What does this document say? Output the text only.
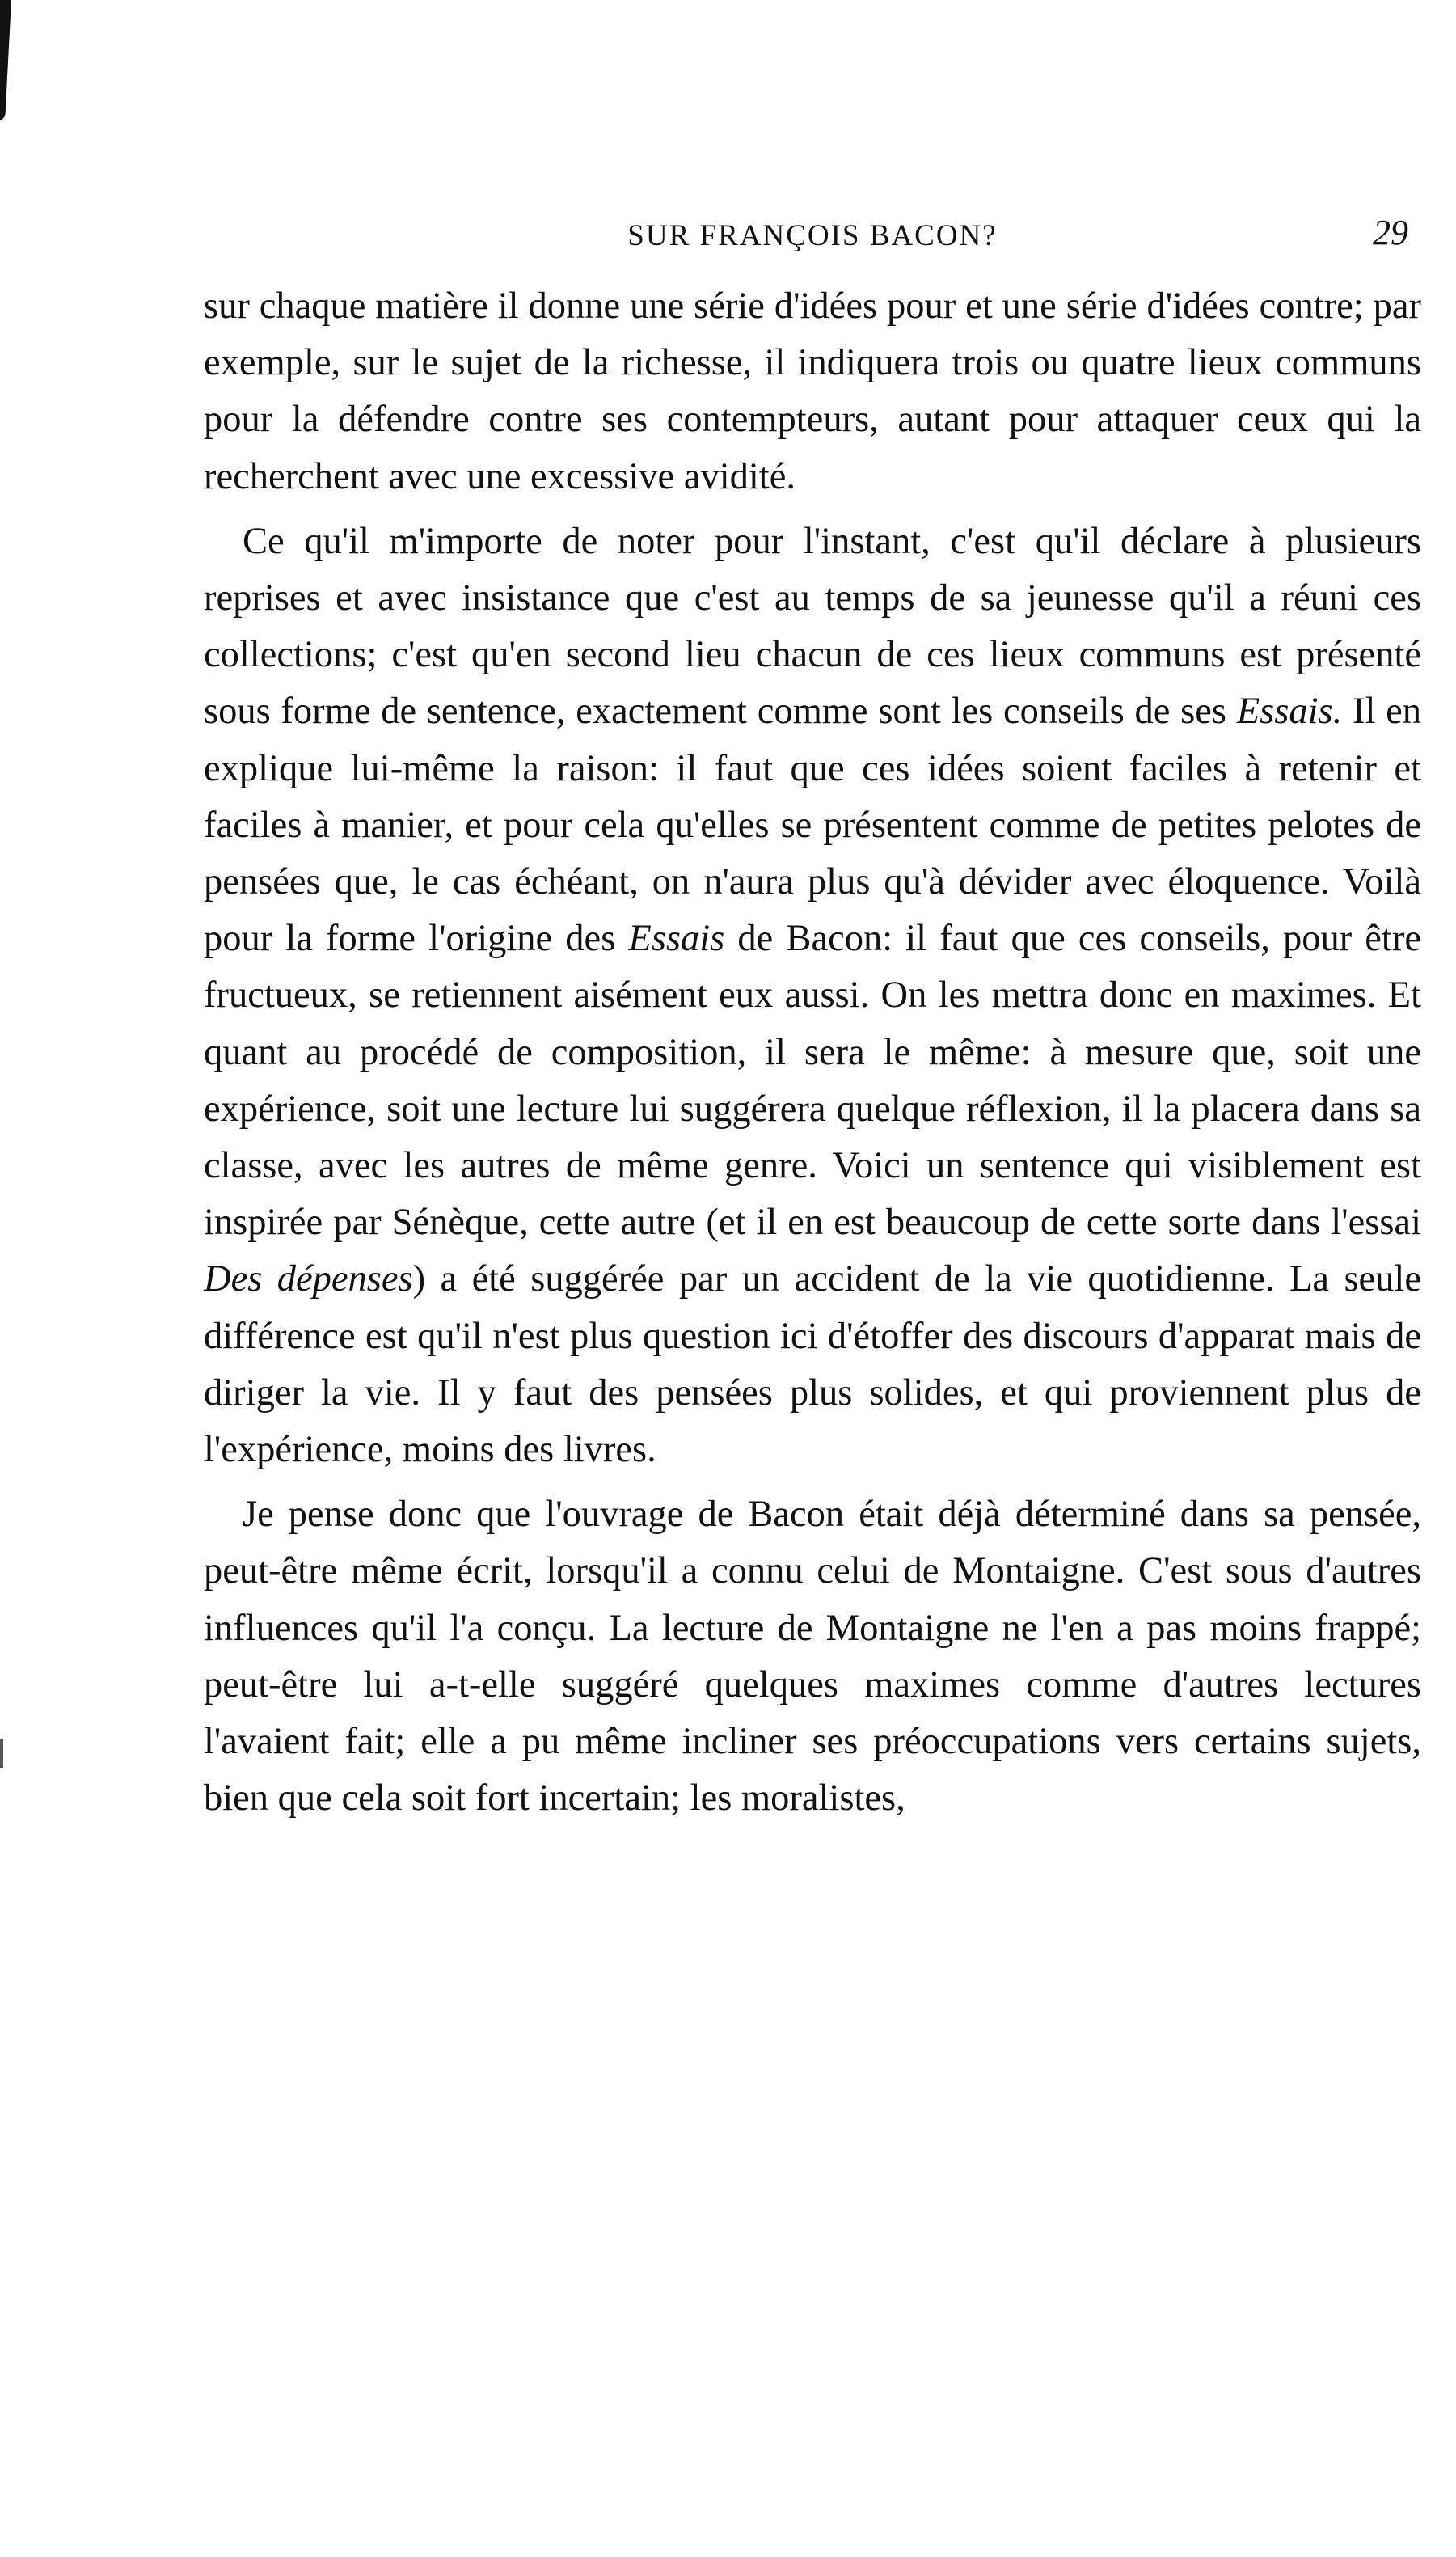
SUR FRANÇOIS BACON?	29

sur chaque matière il donne une série d'idées pour et une série d'idées contre; par exemple, sur le sujet de la richesse, il indiquera trois ou quatre lieux communs pour la défendre contre ses contempteurs, autant pour attaquer ceux qui la recherchent avec une excessive avidité.

Ce qu'il m'importe de noter pour l'instant, c'est qu'il déclare à plusieurs reprises et avec insistance que c'est au temps de sa jeunesse qu'il a réuni ces collections; c'est qu'en second lieu chacun de ces lieux communs est présenté sous forme de sentence, exactement comme sont les conseils de ses Essais. Il en explique lui-même la raison: il faut que ces idées soient faciles à retenir et faciles à manier, et pour cela qu'elles se présentent comme de petites pelotes de pensées que, le cas échéant, on n'aura plus qu'à dévider avec éloquence. Voilà pour la forme l'origine des Essais de Bacon: il faut que ces conseils, pour être fructueux, se retiennent aisément eux aussi. On les mettra donc en maximes. Et quant au procédé de composition, il sera le même: à mesure que, soit une expérience, soit une lecture lui suggérera quelque réflexion, il la placera dans sa classe, avec les autres de même genre. Voici un sentence qui visiblement est inspirée par Sénèque, cette autre (et il en est beaucoup de cette sorte dans l'essai Des dépenses) a été suggérée par un accident de la vie quotidienne. La seule différence est qu'il n'est plus question ici d'étoffer des discours d'apparat mais de diriger la vie. Il y faut des pensées plus solides, et qui proviennent plus de l'expérience, moins des livres.

Je pense donc que l'ouvrage de Bacon était déjà déterminé dans sa pensée, peut-être même écrit, lorsqu'il a connu celui de Montaigne. C'est sous d'autres influences qu'il l'a conçu. La lecture de Montaigne ne l'en a pas moins frappé; peut-être lui a-t-elle suggéré quelques maximes comme d'autres lectures l'avaient fait; elle a pu même incliner ses préoccupations vers certains sujets, bien que cela soit fort incertain; les moralistes,
